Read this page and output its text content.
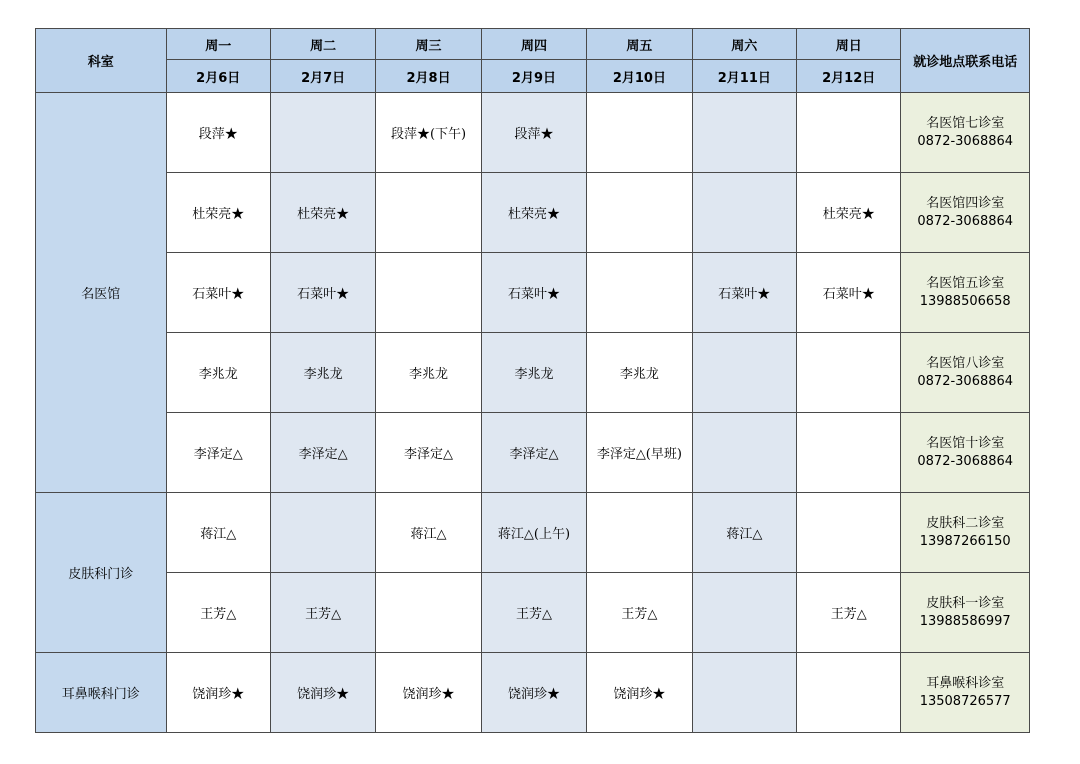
科室	周一	周二	周三	周四	周五	周六	周日	就诊地点联系电话
	2月6日	2月7日	2月8日	2月9日	2月10日	2月11日	2月12日	
名医馆	段萍★		段萍★(下午)	段萍★				名医馆七诊室
0872-3068864

	杜荣亮★	杜荣亮★		杜荣亮★			杜荣亮★	名医馆四诊室
0872-3068864

	石菜叶★	石菜叶★		石菜叶★		石菜叶★	石菜叶★	名医馆五诊室
13988506658

	李兆龙	李兆龙	李兆龙	李兆龙	李兆龙			名医馆八诊室
0872-3068864

	李泽定△	李泽定△	李泽定△	李泽定△	李泽定△(早班)			名医馆十诊室
0872-3068864

皮肤科门诊	蒋江△		蒋江△	蒋江△(上午)		蒋江△		皮肤科二诊室
13987266150

	王芳△	王芳△		王芳△	王芳△		王芳△	皮肤科一诊室
13988586997

耳鼻喉科门诊	饶润珍★	饶润珍★	饶润珍★	饶润珍★	饶润珍★			耳鼻喉科诊室
13508726577
